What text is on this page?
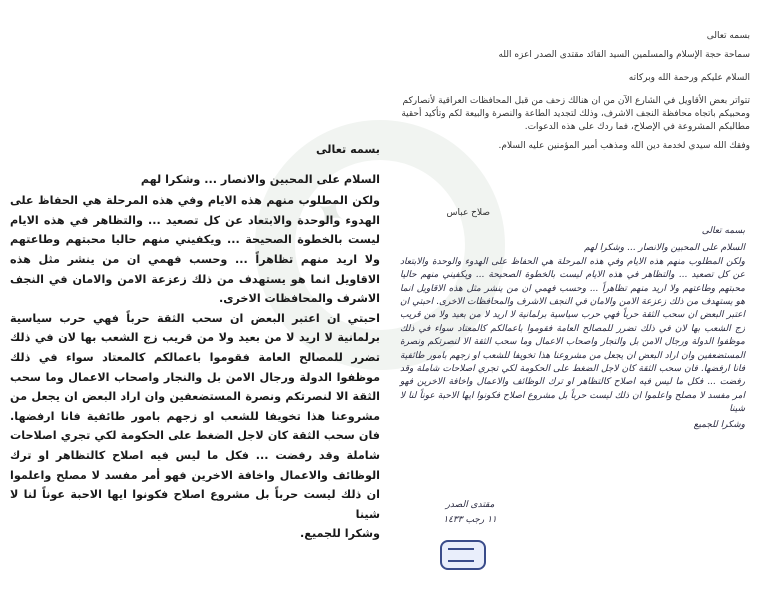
✦

بسمه تعالى

سماحة حجة الإسلام والمسلمين السيد القائد مقتدى الصدر اعزه الله

السلام عليكم ورحمة الله وبركاته

تتواتر بعض الأقاويل في الشارع الآن من ان هنالك زحف من قبل المحافظات العراقية لأنصاركم ومحبيكم باتجاه محافظة النجف الاشرف، وذلك لتجديد الطاعة والنصرة والبيعة لكم وتأكيد أحقية مطالبكم المشروعة في الإصلاح، فما ردك على هذه الدعوات.

وفقك الله سيدي لخدمة دين الله ومذهب أمير المؤمنين عليه السلام.

صلاح عباس

بسمه تعالى

السلام على المحبين والانصار ... وشكرا لهم

ولكن المطلوب منهم هذه الايام وفي هذه المرحلة هي الحفاظ على الهدوء والوحدة والابتعاد عن كل تصعيد ... والتظاهر في هذه الايام ليست بالخطوة الصحيحة ... ويكفيني منهم حاليا محبتهم وطاعتهم ولا اريد منهم تظاهراً ... وحسب فهمي ان من ينشر مثل هذه الاقاويل انما هو يستهدف من ذلك زعزعة الامن والامان في النجف الاشرف والمحافظات الاخرى.

احبتي ان اعتبر البعض ان سحب الثقة حرباً فهي حرب سياسية برلمانية لا اريد لا من بعيد ولا من قريب زج الشعب بها لان في ذلك تضرر للمصالح العامة فقوموا باعمالكم كالمعتاد سواء في ذلك موظفوا الدولة ورجال الامن بل والنجار واصحاب الاعمال وما سحب الثقة الا لنصرتكم ونصرة المستضعفين وان اراد البعض ان يجعل من مشروعنا هذا تخويفا للشعب او زجهم بامور طائفية فانا ارفضها. فان سحب الثقة كان لاجل الضغط على الحكومة لكي تجري اصلاحات شاملة وقد رفضت ... فكل ما ليس فيه اصلاح كالتظاهر او ترك الوظائف والاعمال واخافة الاخرين فهو أمر مفسد لا مصلح واعلموا ان ذلك ليست حرباً بل مشروع اصلاح فكونوا ايها الاحبة عوناً لنا لا شينا

وشكرا للجميع.

بسمه تعالى

السلام على المحبين والانصار ... وشكرا لهم

ولكن المطلوب منهم هذه الايام وفي هذه المرحلة هي الحفاظ على الهدوء والوحدة والابتعاد عن كل تصعيد ... والتظاهر في هذه الايام ليست بالخطوة الصحيحة ... ويكفيني منهم حاليا محبتهم وطاعتهم ولا اريد منهم تظاهراً ... وحسب فهمي ان من ينشر مثل هذه الاقاويل انما هو يستهدف من ذلك زعزعة الامن والامان في النجف الاشرف والمحافظات الاخرى. احبتي ان اعتبر البعض ان سحب الثقة حرباً فهي حرب سياسية برلمانية لا اريد لا من بعيد ولا من قريب زج الشعب بها لان في ذلك تضرر للمصالح العامة فقوموا باعمالكم كالمعتاد سواء في ذلك موظفوا الدولة ورجال الامن بل والنجار واصحاب الاعمال وما سحب الثقة الا لنصرتكم ونصرة المستضعفين وان اراد البعض ان يجعل من مشروعنا هذا تخويفا للشعب او زجهم بامور طائفية فانا ارفضها. فان سحب الثقة كان لاجل الضغط على الحكومة لكي تجري اصلاحات شاملة وقد رفضت ... فكل ما ليس فيه اصلاح كالتظاهر او ترك الوظائف والاعمال واخافة الاخرين فهو امر مفسد لا مصلح واعلموا ان ذلك ليست حرباً بل مشروع اصلاح فكونوا ايها الاحبة عوناً لنا لا شينا

وشكرا للجميع

مقتدى الصدر
١١ رجب ١٤٣٣
